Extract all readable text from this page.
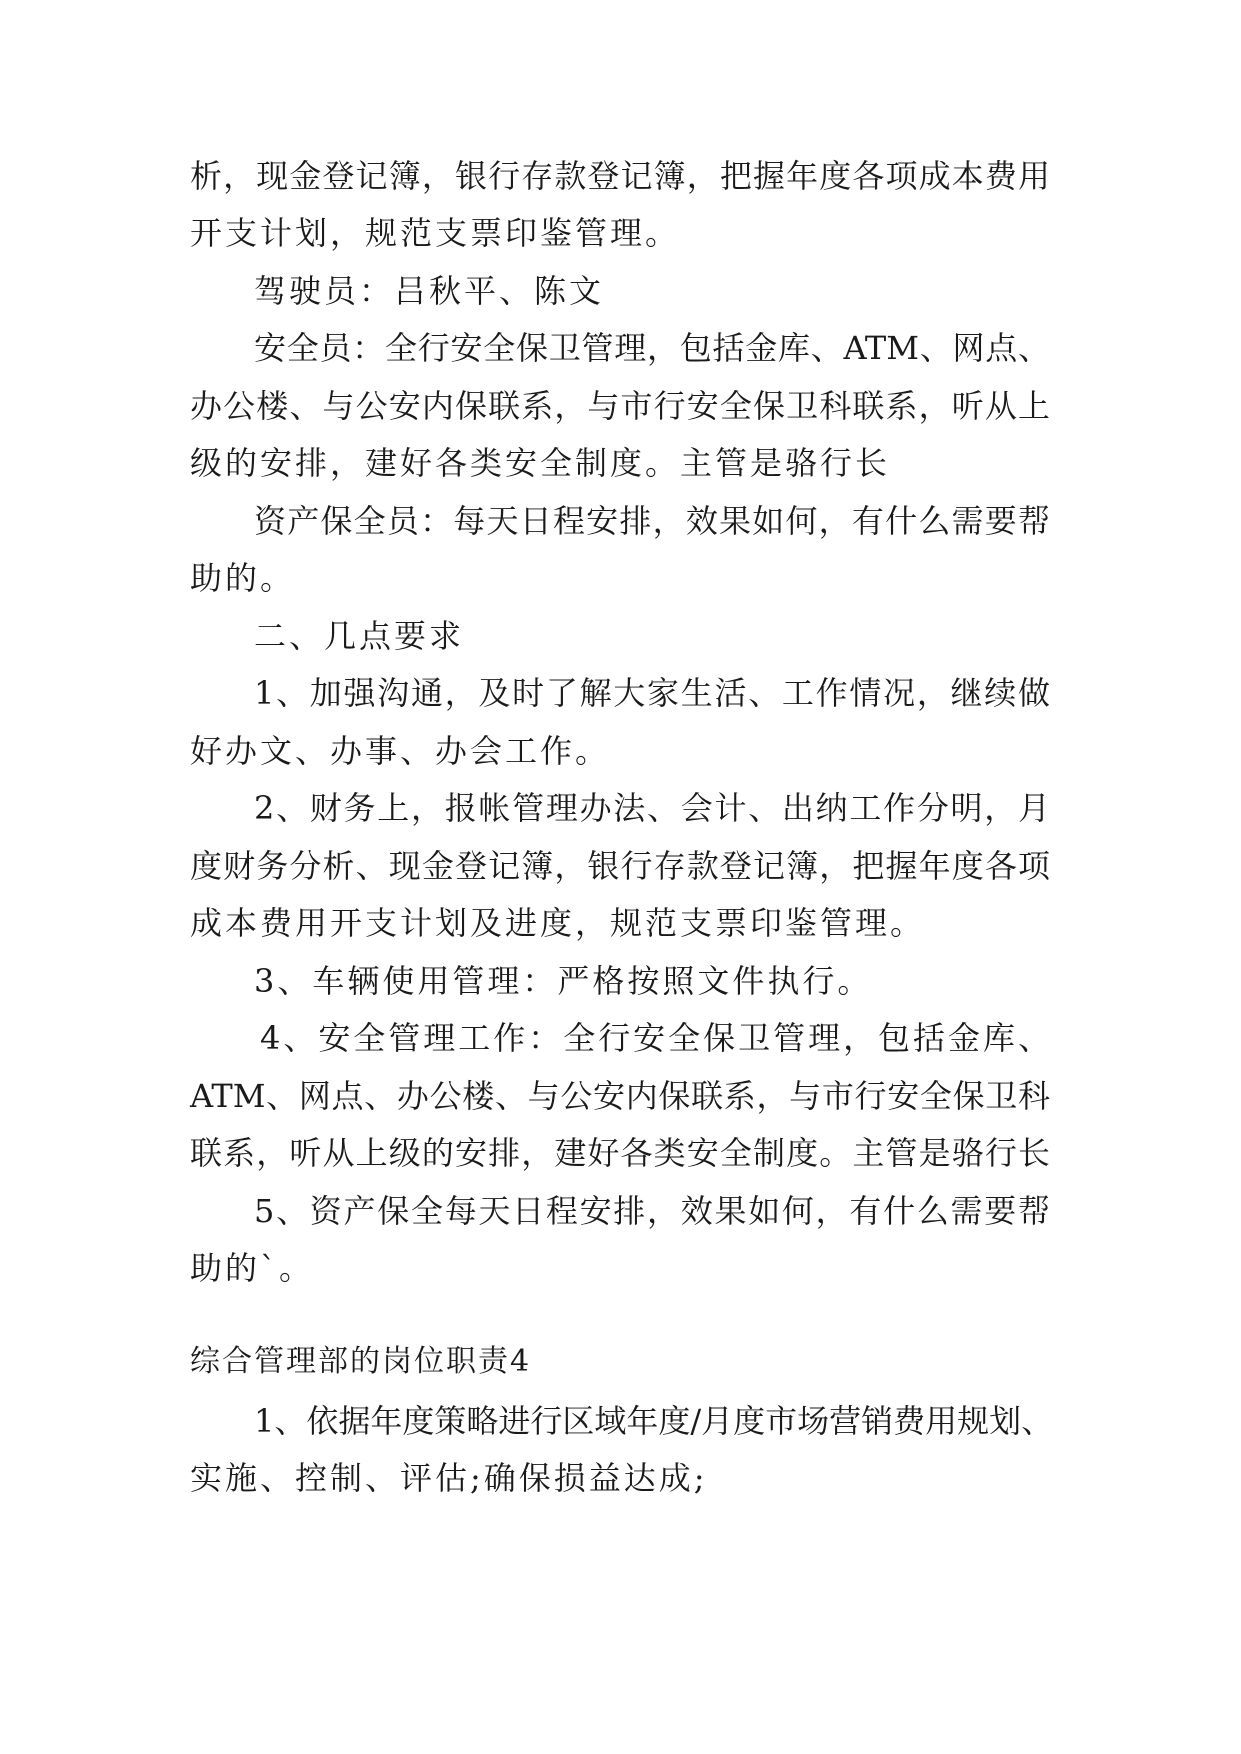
析，现金登记簿，银行存款登记簿，把握年度各项成本费用
开支计划，规范支票印鉴管理。
驾驶员：吕秋平、陈文
安全员：全行安全保卫管理，包括金库、ATM、网点、
办公楼、与公安内保联系，与市行安全保卫科联系，听从上
级的安排，建好各类安全制度。主管是骆行长
资产保全员：每天日程安排，效果如何，有什么需要帮
助的。
二、几点要求
1、加强沟通，及时了解大家生活、工作情况，继续做
好办文、办事、办会工作。
2、财务上，报帐管理办法、会计、出纳工作分明，月
度财务分析、现金登记簿，银行存款登记簿，把握年度各项
成本费用开支计划及进度，规范支票印鉴管理。
3、车辆使用管理：严格按照文件执行。
4、安全管理工作：全行安全保卫管理，包括金库、
ATM、网点、办公楼、与公安内保联系，与市行安全保卫科
联系，听从上级的安排，建好各类安全制度。主管是骆行长
5、资产保全每天日程安排，效果如何，有什么需要帮
助的`。
综合管理部的岗位职责4
1、依据年度策略进行区域年度/月度市场营销费用规划、
实施、控制、评估;确保损益达成;
